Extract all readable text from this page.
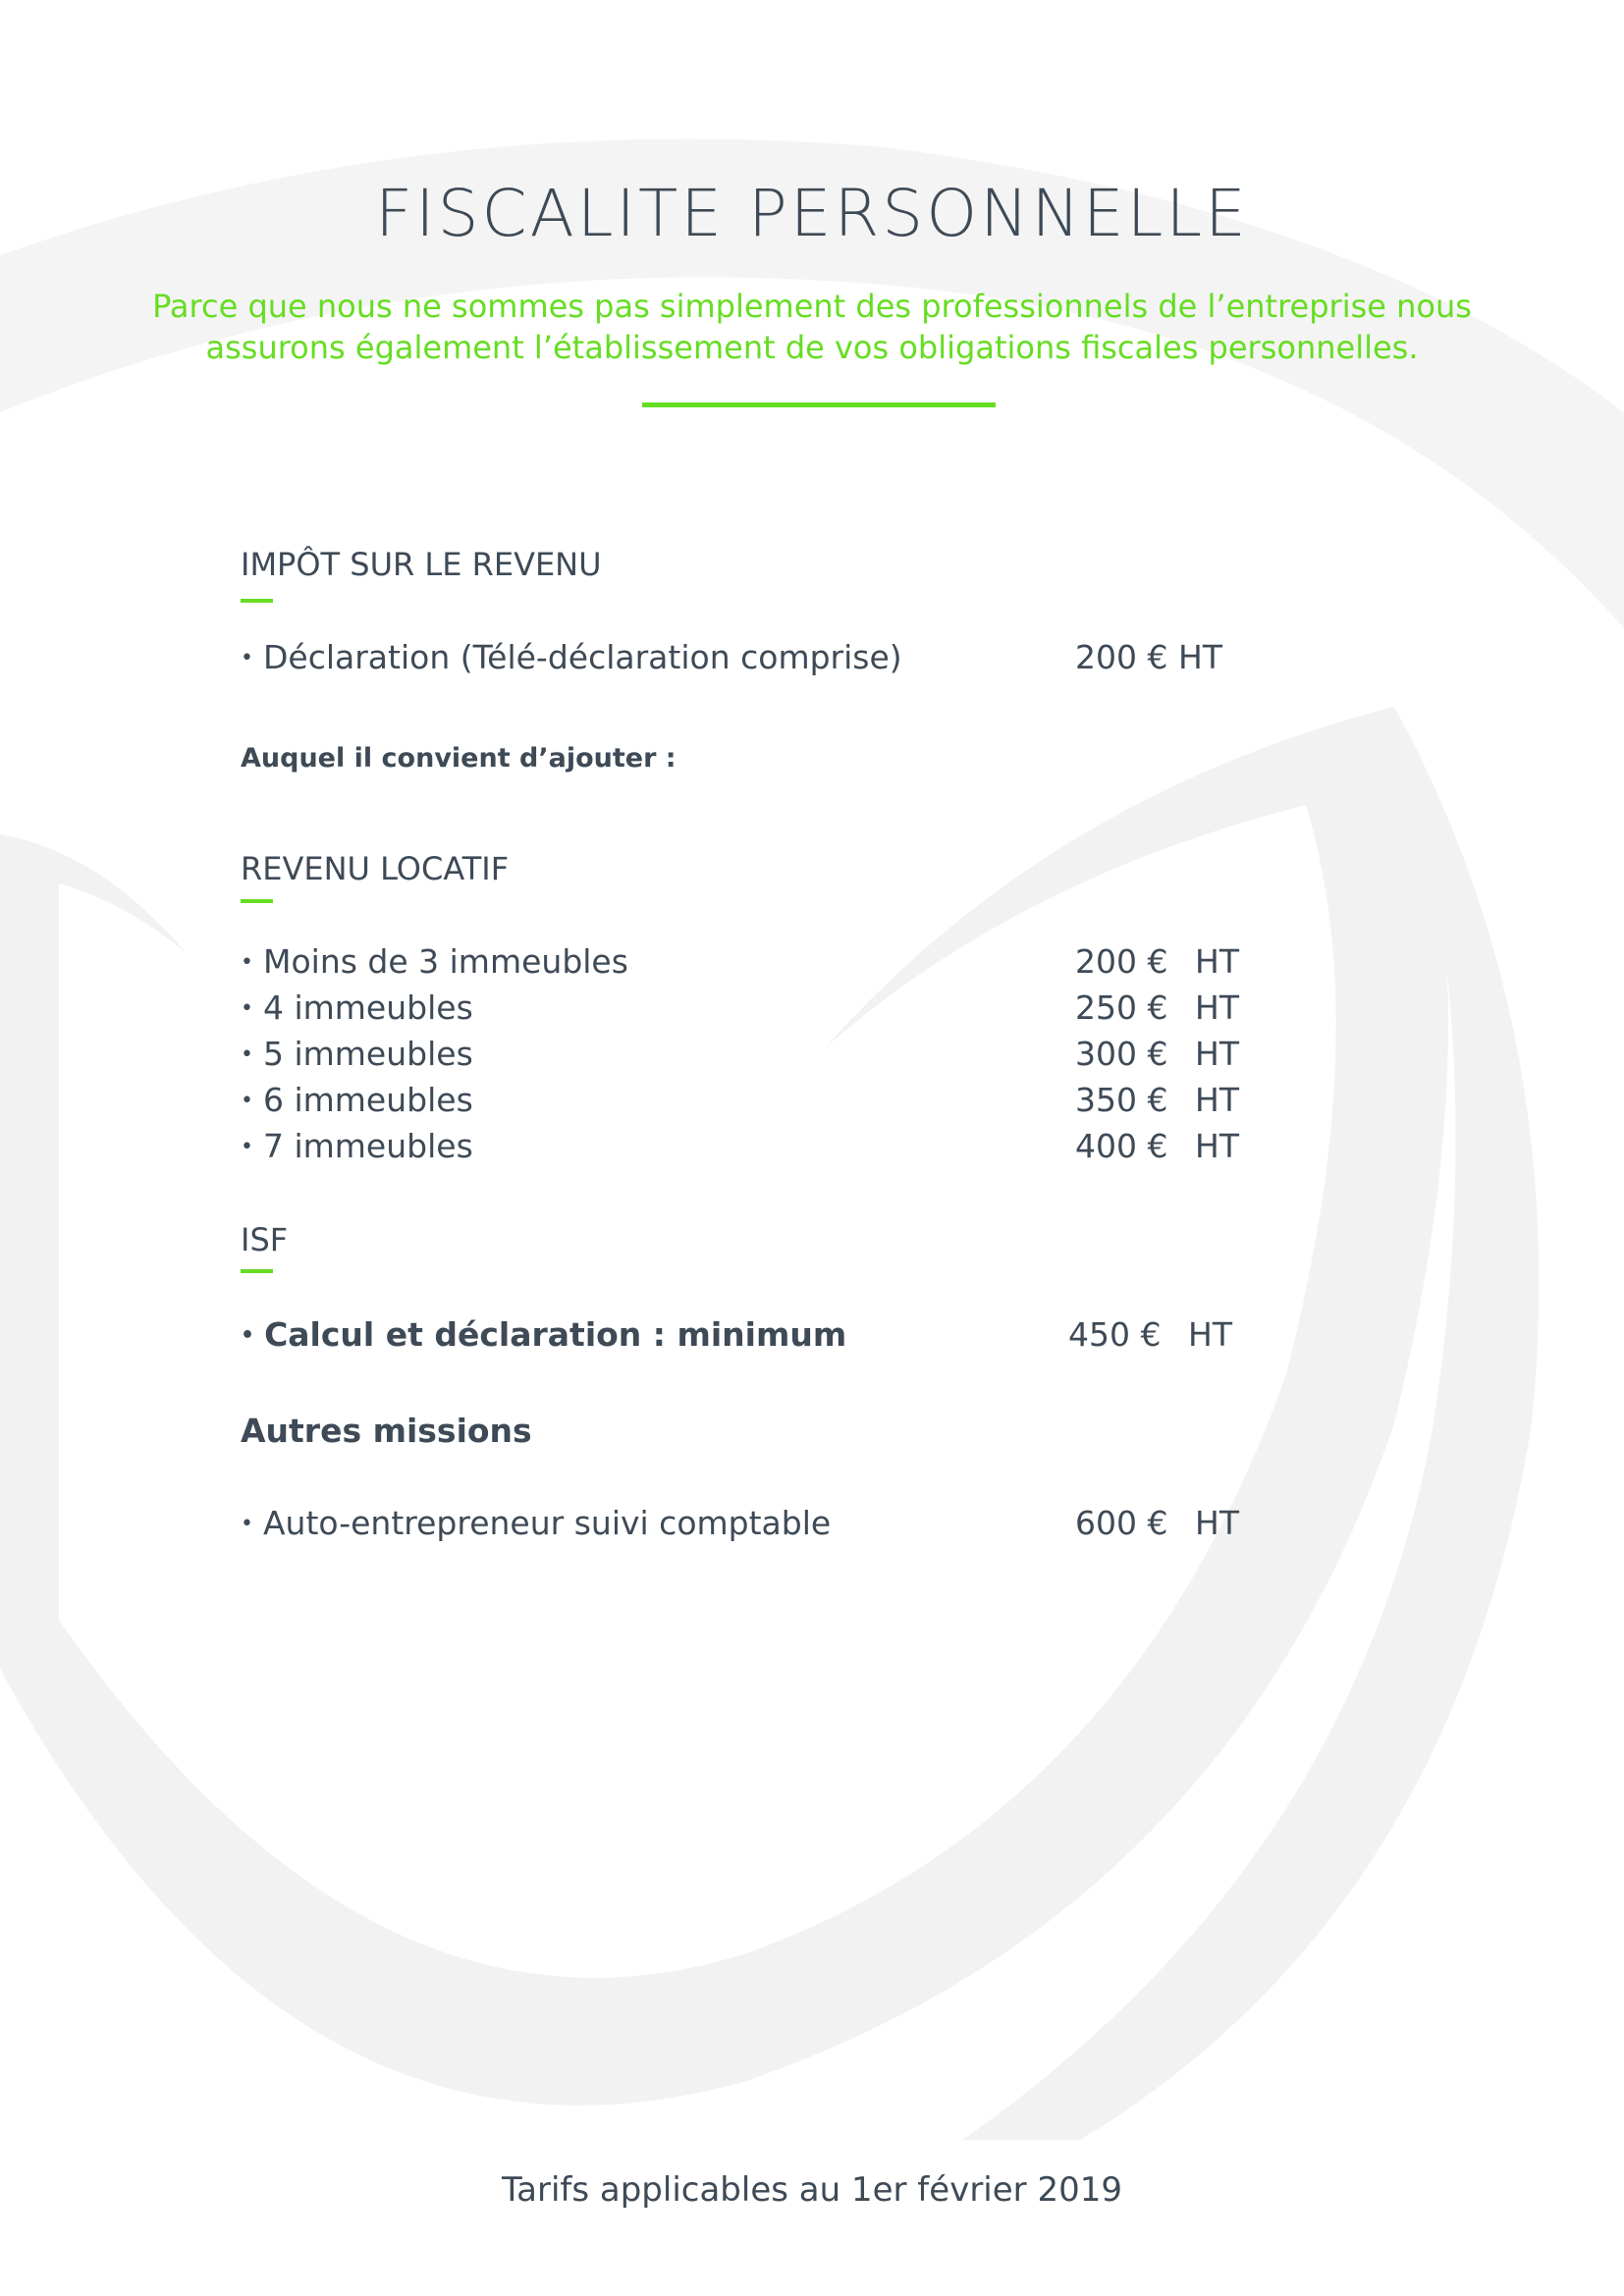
FISCALITE PERSONNELLE
Parce que nous ne sommes pas simplement des professionnels de l’entreprise nous
assurons également l’établissement de vos obligations fiscales personnelles.
IMPÔT SUR LE REVENU
• Déclaration (Télé-déclaration comprise)	200 € HT

Auquel il convient d’ajouter :

REVENU LOCATIF
• Moins de 3 immeubles	200 € HT
• 4 immeubles	250 € HT
• 5 immeubles	300 € HT
• 6 immeubles	350 € HT
• 7 immeubles	400 € HT
ISF
• Calcul et déclaration : minimum	450 € HT
Autres missions
• Auto-entrepreneur suivi comptable	600 € HT

Tarifs applicables au 1er février 2019
